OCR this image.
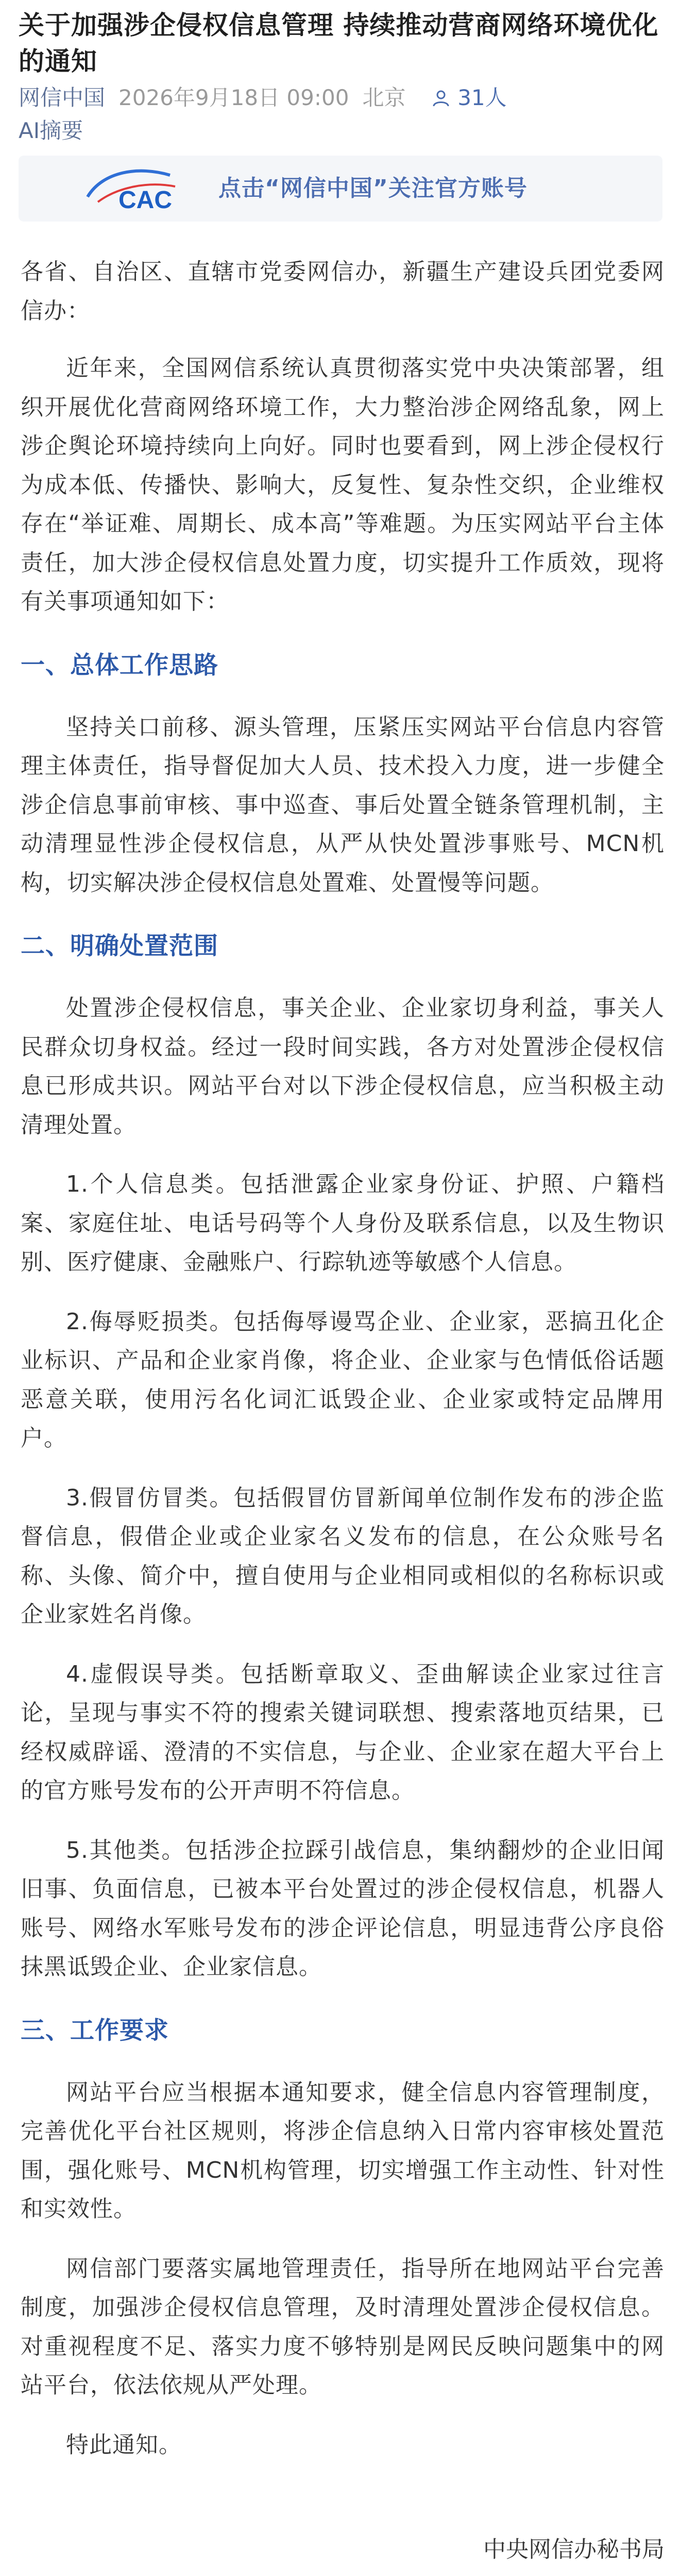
关于加强涉企侵权信息管理 持续推动营商网络环境优化的通知
网信中国 2026年9月18日 09:00 北京 31人
AI摘要
CAC 点击“网信中国”关注官方账号

各省、自治区、直辖市党委网信办，新疆生产建设兵团党委网信办：

近年来，全国网信系统认真贯彻落实党中央决策部署，组织开展优化营商网络环境工作，大力整治涉企网络乱象，网上涉企舆论环境持续向上向好。同时也要看到，网上涉企侵权行为成本低、传播快、影响大，反复性、复杂性交织，企业维权存在“举证难、周期长、成本高”等难题。为压实网站平台主体责任，加大涉企侵权信息处置力度，切实提升工作质效，现将有关事项通知如下：

一、总体工作思路

坚持关口前移、源头管理，压紧压实网站平台信息内容管理主体责任，指导督促加大人员、技术投入力度，进一步健全涉企信息事前审核、事中巡查、事后处置全链条管理机制，主动清理显性涉企侵权信息，从严从快处置涉事账号、MCN机构，切实解决涉企侵权信息处置难、处置慢等问题。

二、明确处置范围

处置涉企侵权信息，事关企业、企业家切身利益，事关人民群众切身权益。经过一段时间实践，各方对处置涉企侵权信息已形成共识。网站平台对以下涉企侵权信息，应当积极主动清理处置。

1.个人信息类。包括泄露企业家身份证、护照、户籍档案、家庭住址、电话号码等个人身份及联系信息，以及生物识别、医疗健康、金融账户、行踪轨迹等敏感个人信息。

2.侮辱贬损类。包括侮辱谩骂企业、企业家，恶搞丑化企业标识、产品和企业家肖像，将企业、企业家与色情低俗话题恶意关联，使用污名化词汇诋毁企业、企业家或特定品牌用户。

3.假冒仿冒类。包括假冒仿冒新闻单位制作发布的涉企监督信息，假借企业或企业家名义发布的信息，在公众账号名称、头像、简介中，擅自使用与企业相同或相似的名称标识或企业家姓名肖像。

4.虚假误导类。包括断章取义、歪曲解读企业家过往言论，呈现与事实不符的搜索关键词联想、搜索落地页结果，已经权威辟谣、澄清的不实信息，与企业、企业家在超大平台上的官方账号发布的公开声明不符信息。

5.其他类。包括涉企拉踩引战信息，集纳翻炒的企业旧闻旧事、负面信息，已被本平台处置过的涉企侵权信息，机器人账号、网络水军账号发布的涉企评论信息，明显违背公序良俗抹黑诋毁企业、企业家信息。

三、工作要求

网站平台应当根据本通知要求，健全信息内容管理制度，完善优化平台社区规则，将涉企信息纳入日常内容审核处置范围，强化账号、MCN机构管理，切实增强工作主动性、针对性和实效性。

网信部门要落实属地管理责任，指导所在地网站平台完善制度，加强涉企侵权信息管理，及时清理处置涉企侵权信息。对重视程度不足、落实力度不够特别是网民反映问题集中的网站平台，依法依规从严处理。

特此通知。

中央网信办秘书局
